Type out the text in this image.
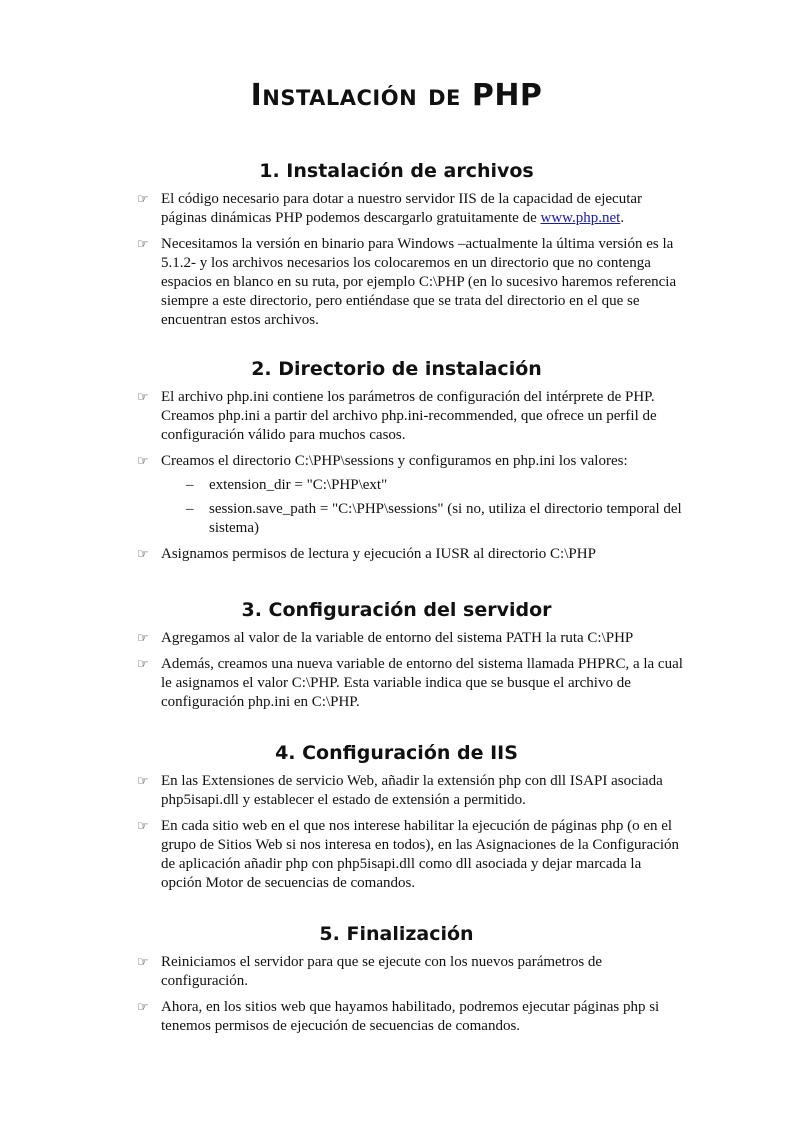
Instalación de PHP
1. Instalación de archivos
☞ El código necesario para dotar a nuestro servidor IIS de la capacidad de ejecutar páginas dinámicas PHP podemos descargarlo gratuitamente de www.php.net.
☞ Necesitamos la versión en binario para Windows –actualmente la última versión es la 5.1.2- y los archivos necesarios los colocaremos en un directorio que no contenga espacios en blanco en su ruta, por ejemplo C:\PHP (en lo sucesivo haremos referencia siempre a este directorio, pero entiéndase que se trata del directorio en el que se encuentran estos archivos.
2. Directorio de instalación
☞ El archivo php.ini contiene los parámetros de configuración del intérprete de PHP. Creamos php.ini a partir del archivo php.ini-recommended, que ofrece un perfil de configuración válido para muchos casos.
☞ Creamos el directorio C:\PHP\sessions y configuramos en php.ini los valores:
– extension_dir = "C:\PHP\ext"
– session.save_path = "C:\PHP\sessions" (si no, utiliza el directorio temporal del sistema)
☞ Asignamos permisos de lectura y ejecución a IUSR al directorio C:\PHP
3. Configuración del servidor
☞ Agregamos al valor de la variable de entorno del sistema PATH la ruta C:\PHP
☞ Además, creamos una nueva variable de entorno del sistema llamada PHPRC, a la cual le asignamos el valor C:\PHP. Esta variable indica que se busque el archivo de configuración php.ini en C:\PHP.
4. Configuración de IIS
☞ En las Extensiones de servicio Web, añadir la extensión php con dll ISAPI asociada php5isapi.dll y establecer el estado de extensión a permitido.
☞ En cada sitio web en el que nos interese habilitar la ejecución de páginas php (o en el grupo de Sitios Web si nos interesa en todos), en las Asignaciones de la Configuración de aplicación añadir php con php5isapi.dll como dll asociada y dejar marcada la opción Motor de secuencias de comandos.
5. Finalización
☞ Reiniciamos el servidor para que se ejecute con los nuevos parámetros de configuración.
☞ Ahora, en los sitios web que hayamos habilitado, podremos ejecutar páginas php si tenemos permisos de ejecución de secuencias de comandos.
